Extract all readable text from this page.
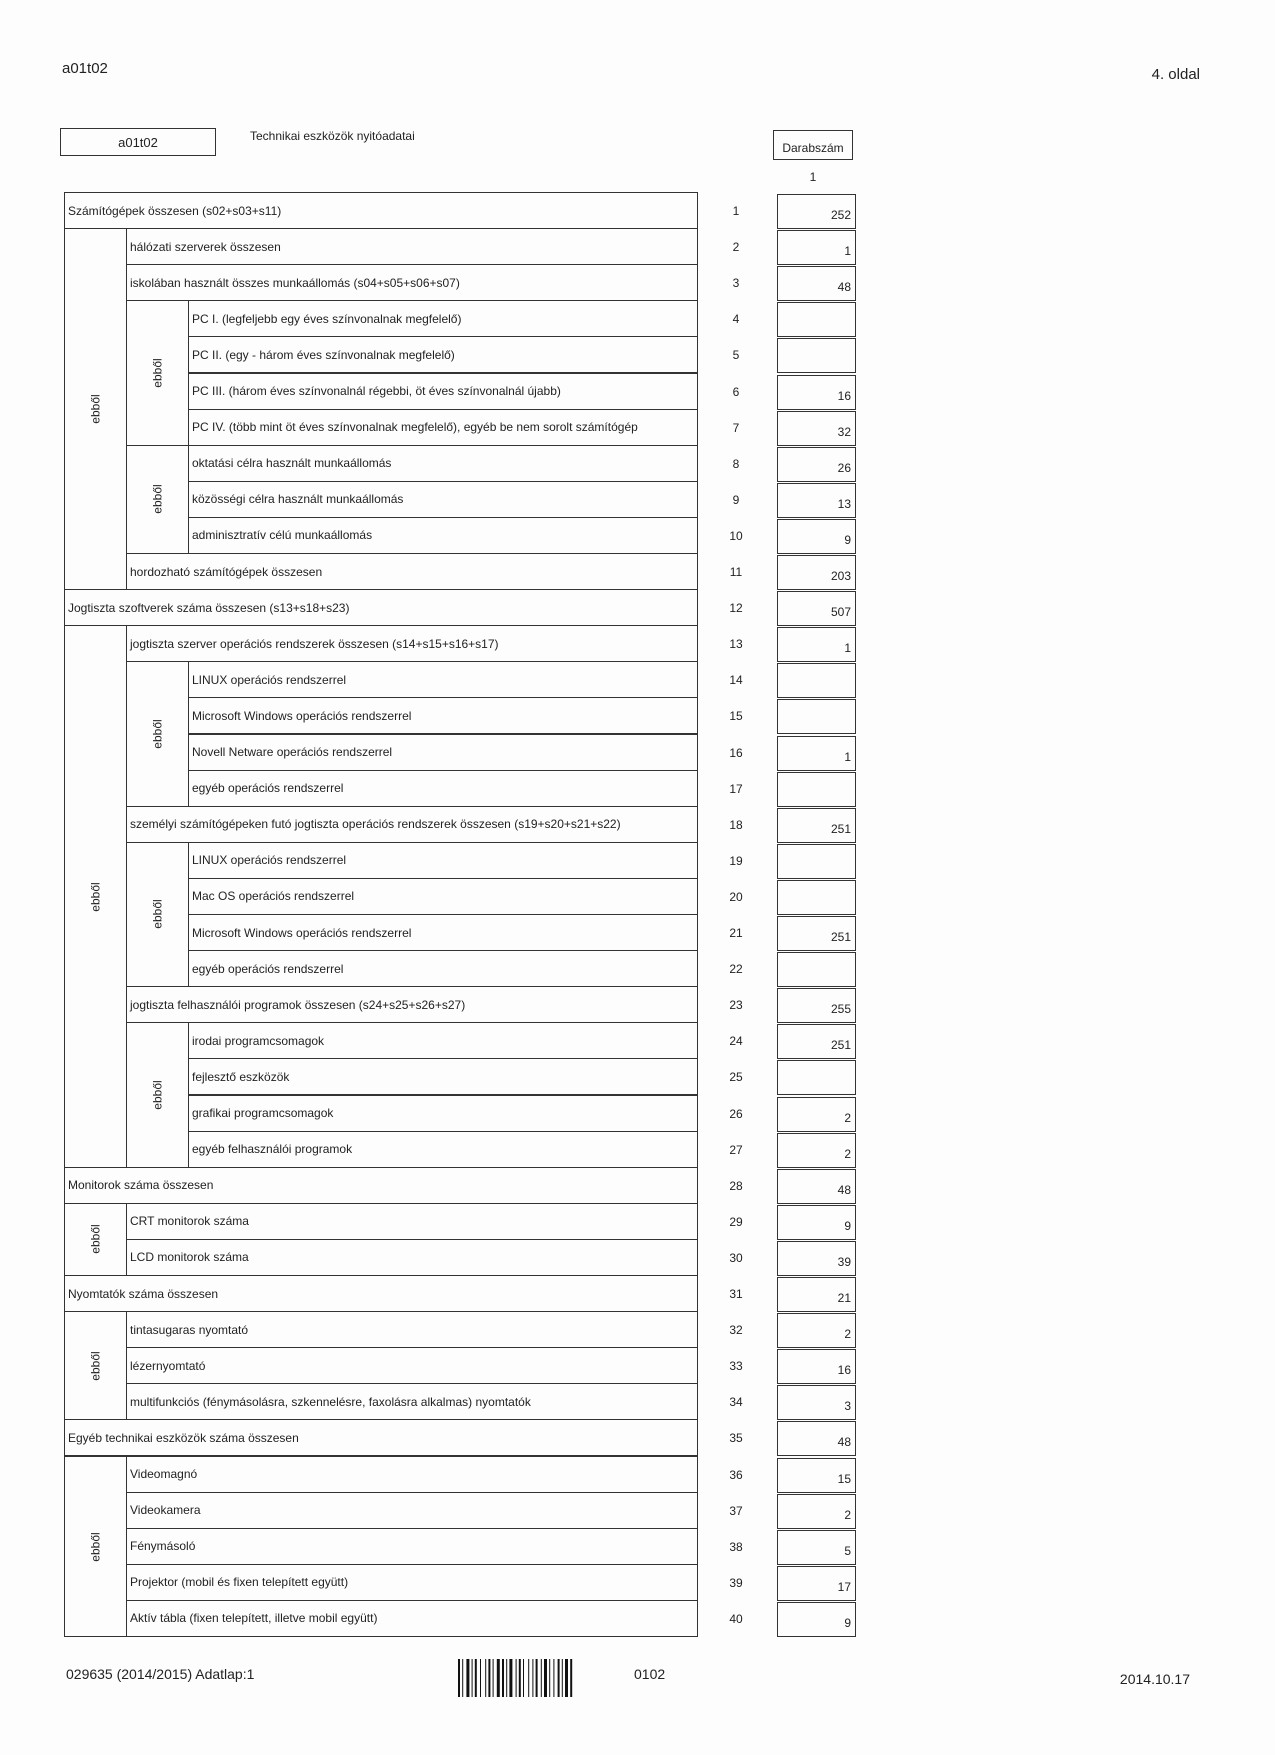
a01t02	4. oldal
a01t02	Technikai eszközök nyitóadatai
Darabszám
1
ebből
ebből
ebből
ebből
ebből
ebből
ebből
ebből
ebből
ebből
Számítógépek összesen (s02+s03+s11)	1	252
hálózati szerverek összesen	2	1
iskolában használt összes munkaállomás (s04+s05+s06+s07)	3	48
PC I. (legfeljebb egy éves színvonalnak megfelelő)	4
PC II. (egy - három éves színvonalnak megfelelő)	5
PC III. (három éves színvonalnál régebbi, öt éves színvonalnál újabb)	6	16
PC IV. (több mint öt éves színvonalnak megfelelő), egyéb be nem sorolt számítógép	7	32
oktatási célra használt munkaállomás	8	26
közösségi célra használt munkaállomás	9	13
adminisztratív célú munkaállomás	10	9
hordozható számítógépek összesen	11	203
Jogtiszta szoftverek száma összesen (s13+s18+s23)	12	507
jogtiszta szerver operációs rendszerek összesen (s14+s15+s16+s17)	13	1
LINUX operációs rendszerrel	14
Microsoft Windows operációs rendszerrel	15
Novell Netware operációs rendszerrel	16	1
egyéb operációs rendszerrel	17
személyi számítógépeken futó jogtiszta operációs rendszerek összesen (s19+s20+s21+s22)	18	251
LINUX operációs rendszerrel	19
Mac OS operációs rendszerrel	20
Microsoft Windows operációs rendszerrel	21	251
egyéb operációs rendszerrel	22
jogtiszta felhasználói programok összesen (s24+s25+s26+s27)	23	255
irodai programcsomagok	24	251
fejlesztő eszközök	25
grafikai programcsomagok	26	2
egyéb felhasználói programok	27	2
Monitorok száma összesen	28	48
CRT monitorok száma	29	9
LCD monitorok száma	30	39
Nyomtatók száma összesen	31	21
tintasugaras nyomtató	32	2
lézernyomtató	33	16
multifunkciós (fénymásolásra, szkennelésre, faxolásra alkalmas) nyomtatók	34	3
Egyéb technikai eszközök száma összesen	35	48
Videomagnó	36	15
Videokamera	37	2
Fénymásoló	38	5
Projektor (mobil és fixen telepített együtt)	39	17
Aktív tábla (fixen telepített, illetve mobil együtt)	40	9
029635 (2014/2015) Adatlap:1	0102	2014.10.17
